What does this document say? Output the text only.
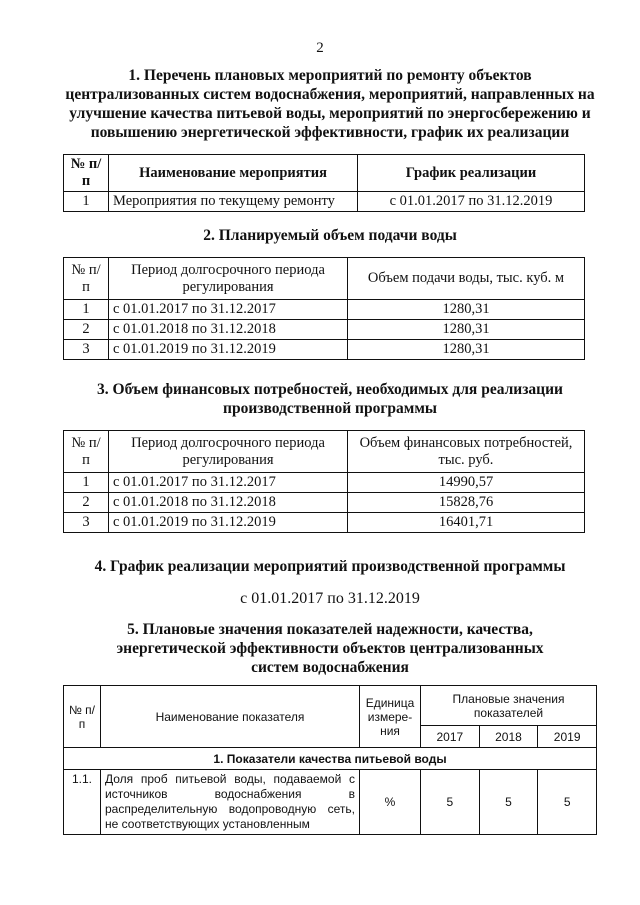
2
1. Перечень плановых мероприятий по ремонту объектов централизованных систем водоснабжения, мероприятий, направленных на улучшение качества питьевой воды, мероприятий по энергосбережению и повышению энергетической эффективности, график их реализации
№ п/п	Наименование мероприятия	График реализации
1	Мероприятия по текущему ремонту	с 01.01.2017 по 31.12.2019
2. Планируемый объем подачи воды
№ п/п	Период долгосрочного периода регулирования	Объем подачи воды, тыс. куб. м
1	с 01.01.2017 по 31.12.2017	1280,31
2	с 01.01.2018 по 31.12.2018	1280,31
3	с 01.01.2019 по 31.12.2019	1280,31
3. Объем финансовых потребностей, необходимых для реализации производственной программы
№ п/п	Период долгосрочного периода регулирования	Объем финансовых потребностей, тыс. руб.
1	с 01.01.2017 по 31.12.2017	14990,57
2	с 01.01.2018 по 31.12.2018	15828,76
3	с 01.01.2019 по 31.12.2019	16401,71
4. График реализации мероприятий производственной программы
с 01.01.2017 по 31.12.2019
5. Плановые значения показателей надежности, качества, энергетической эффективности объектов централизованных систем водоснабжения
№ п/п	Наименование показателя	Единица измере-ния	Плановые значения показателей		
			2017	2018	2019
1. Показатели качества питьевой воды					
1.1.	Доля проб питьевой воды, подаваемой с источников водоснабжения в распределительную водопроводную сеть, не соответствующих установленным	%	5	5	5
